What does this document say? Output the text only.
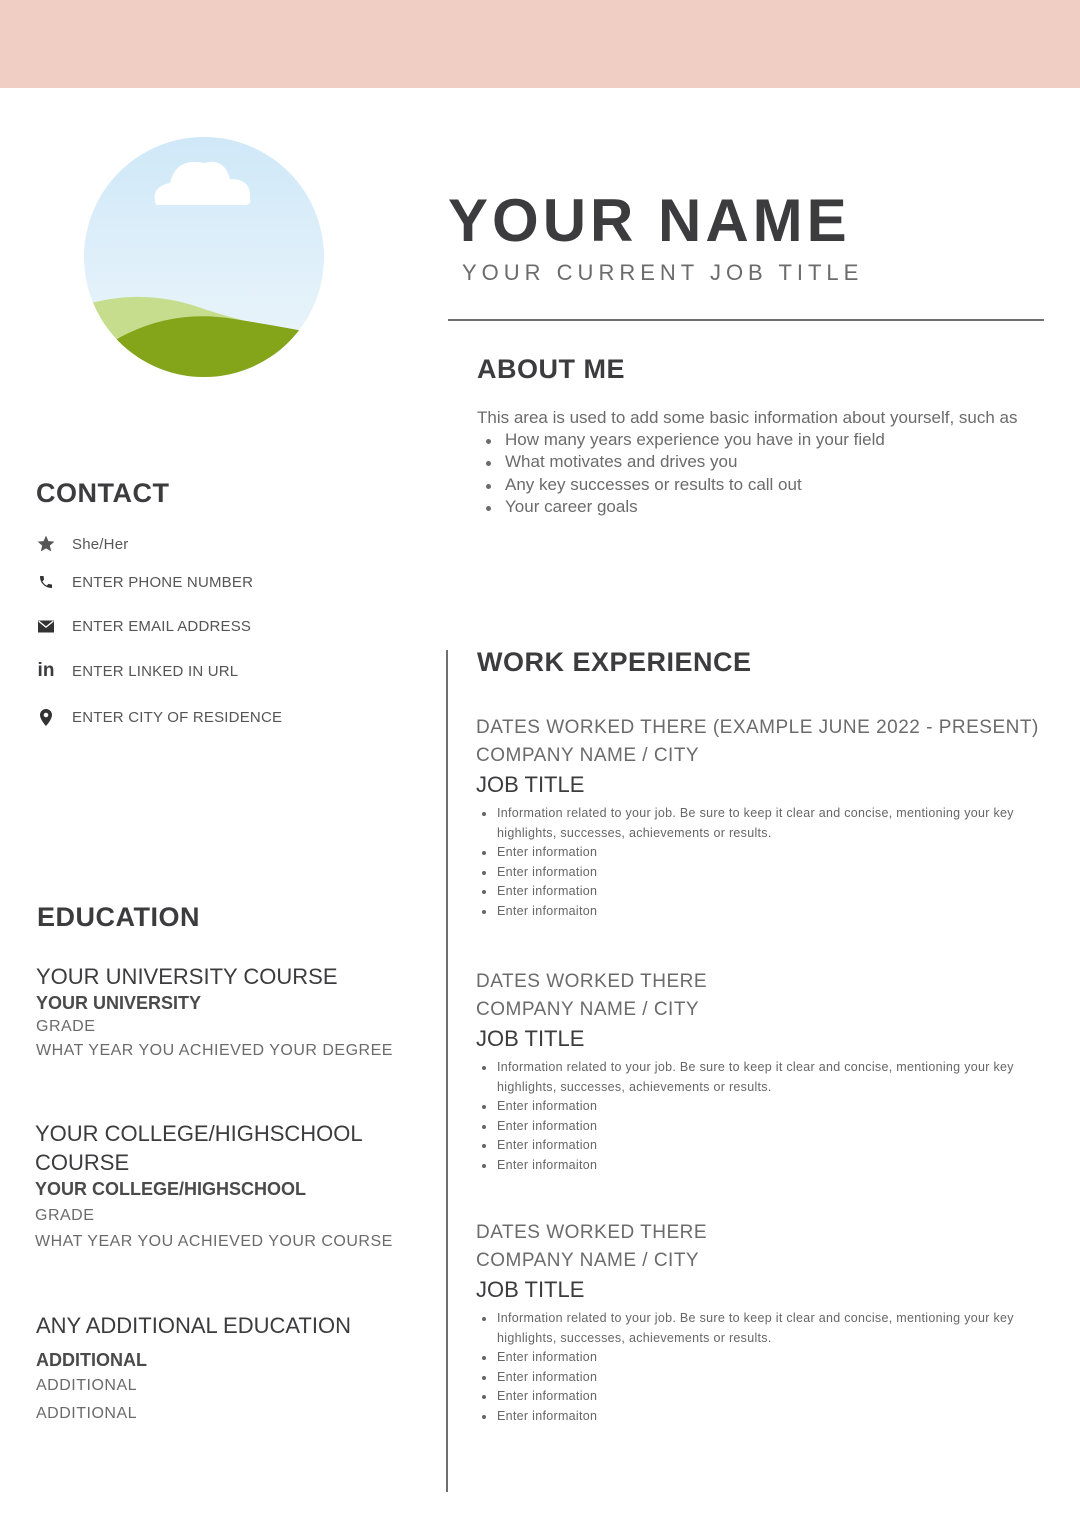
YOUR NAME
YOUR CURRENT JOB TITLE
ABOUT ME
This area is used to add some basic information about yourself, such as
How many years experience you have in your field
What motivates and drives you
Any key successes or results to call out
Your career goals
CONTACT
She/Her
ENTER PHONE NUMBER
ENTER EMAIL ADDRESS
in ENTER LINKED IN URL
ENTER CITY OF RESIDENCE
EDUCATION
YOUR UNIVERSITY COURSE
YOUR UNIVERSITY
GRADE
WHAT YEAR YOU ACHIEVED YOUR DEGREE
YOUR COLLEGE/HIGHSCHOOL
COURSE
YOUR COLLEGE/HIGHSCHOOL
GRADE
WHAT YEAR YOU ACHIEVED YOUR COURSE
ANY ADDITIONAL EDUCATION
ADDITIONAL
ADDITIONAL
ADDITIONAL
WORK EXPERIENCE
DATES WORKED THERE (EXAMPLE JUNE 2022 - PRESENT)
COMPANY NAME / CITY
JOB TITLE
Information related to your job. Be sure to keep it clear and concise, mentioning your key highlights, successes, achievements or results.
Enter information
Enter information
Enter information
Enter informaiton
DATES WORKED THERE
COMPANY NAME / CITY
JOB TITLE
Information related to your job. Be sure to keep it clear and concise, mentioning your key highlights, successes, achievements or results.
Enter information
Enter information
Enter information
Enter informaiton
DATES WORKED THERE
COMPANY NAME / CITY
JOB TITLE
Information related to your job. Be sure to keep it clear and concise, mentioning your key highlights, successes, achievements or results.
Enter information
Enter information
Enter information
Enter informaiton
